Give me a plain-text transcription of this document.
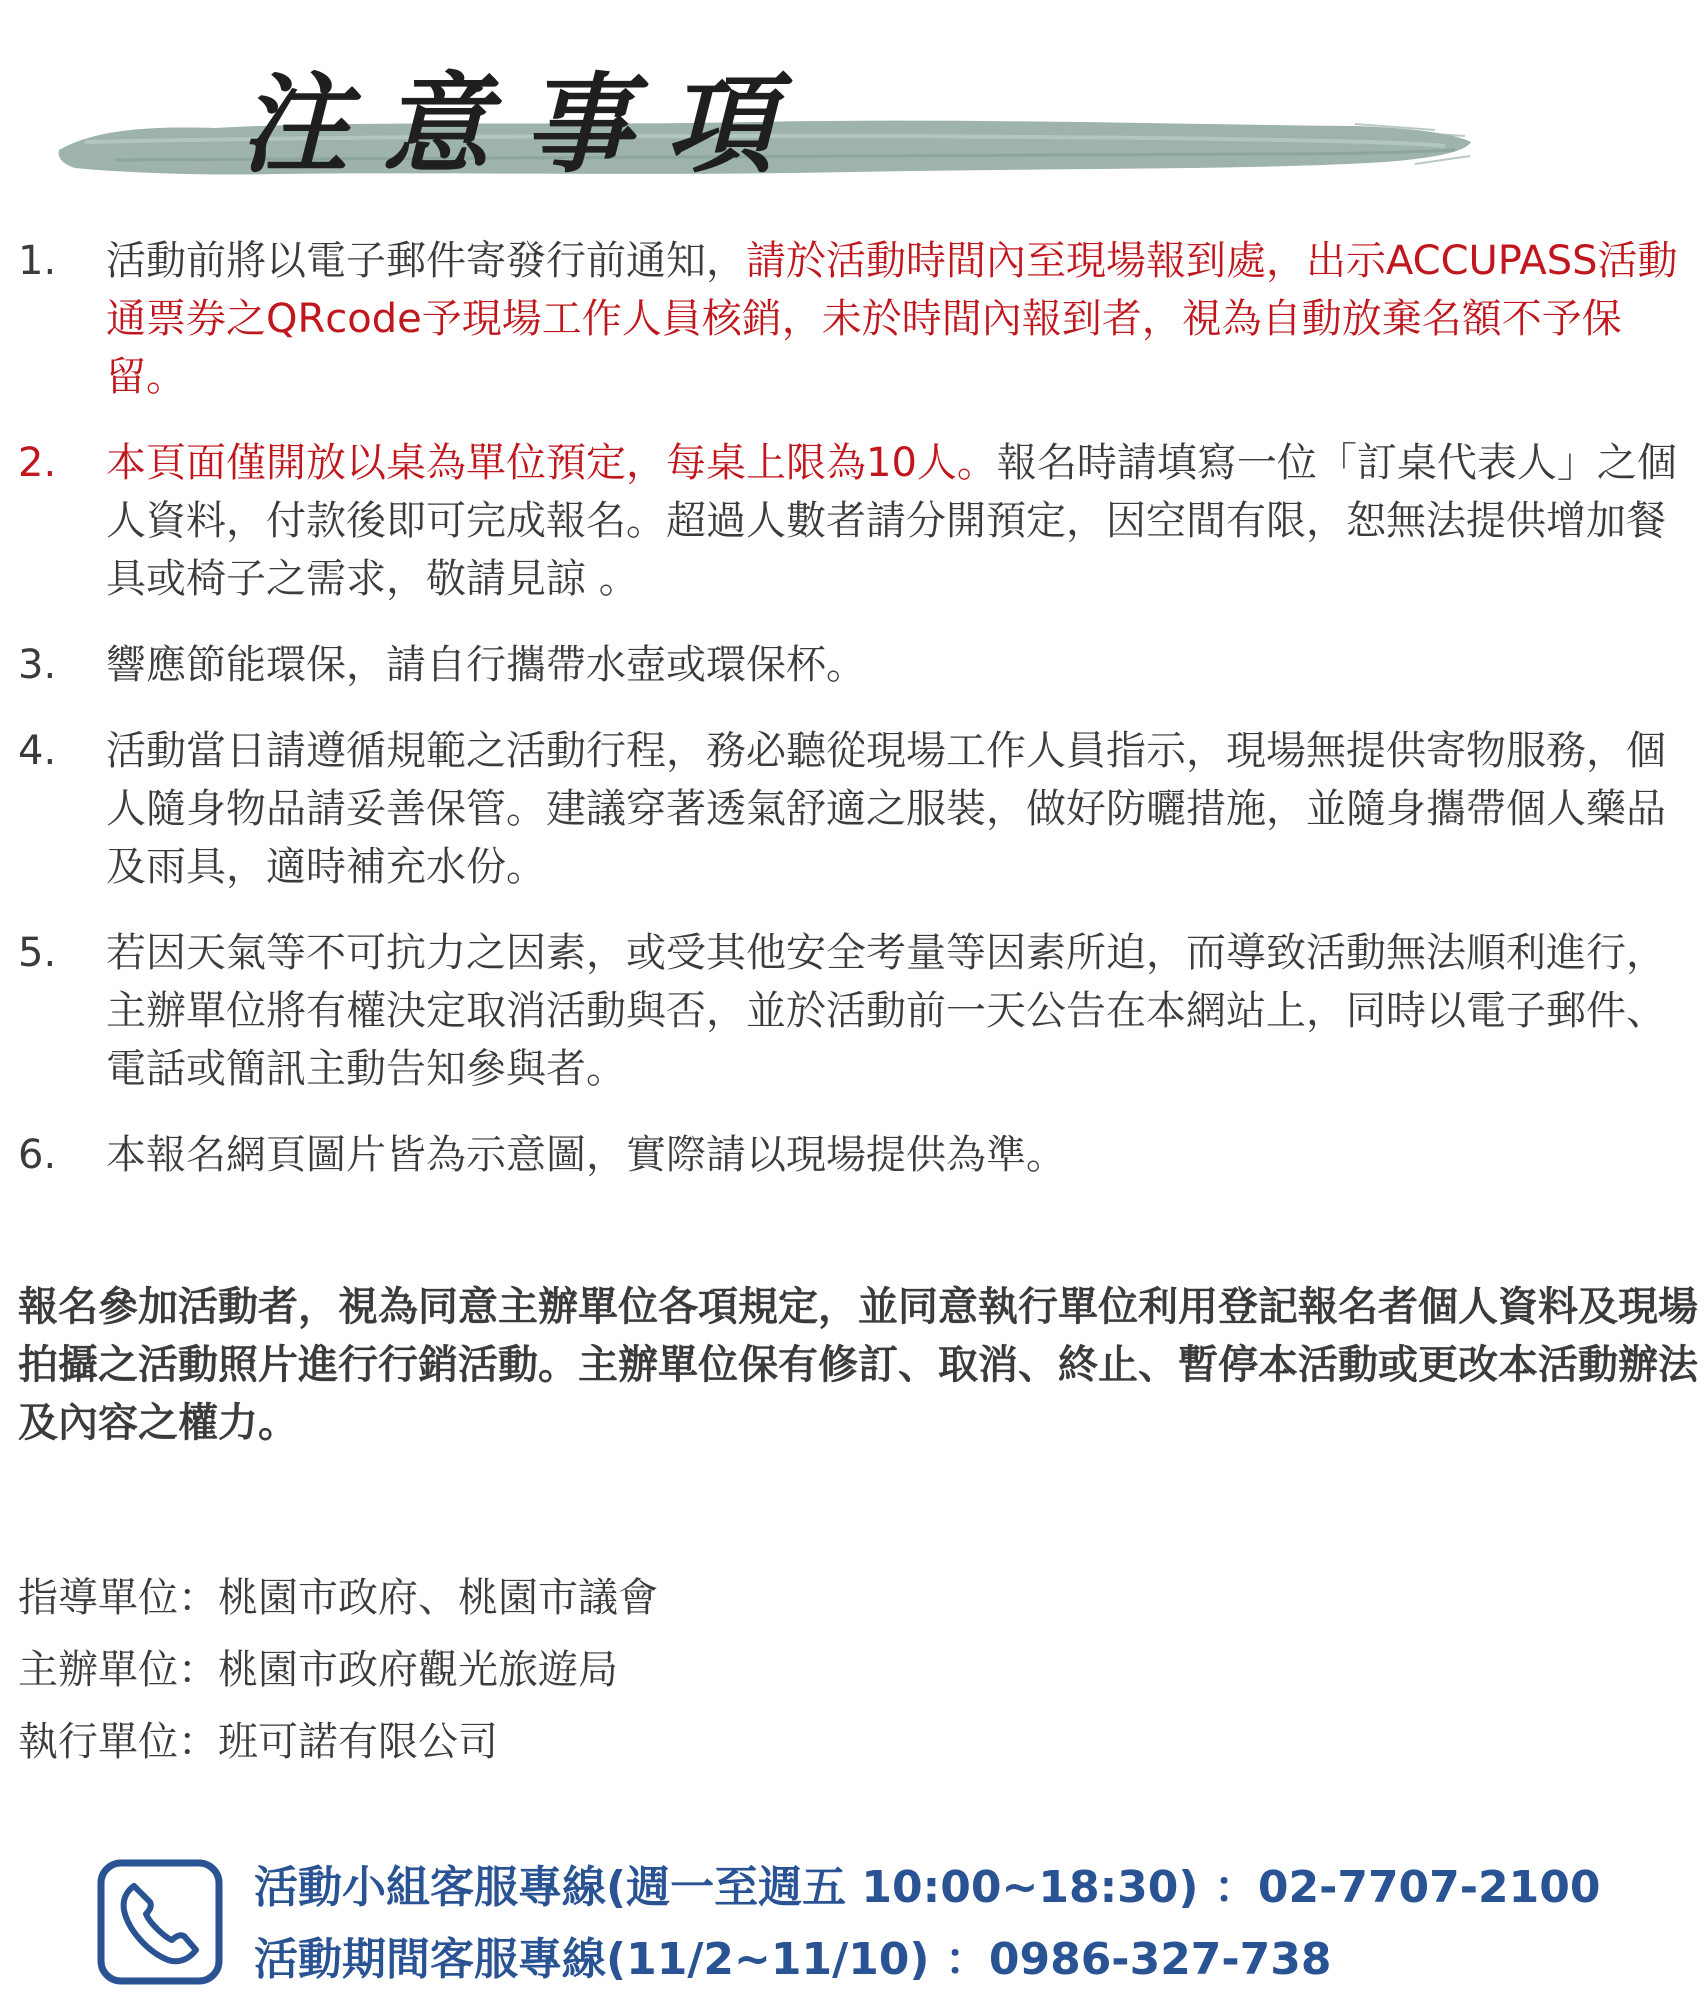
注意事項
1.	活動前將以電子郵件寄發行前通知，請於活動時間內至現場報到處，出示ACCUPASS活動通票券之QRcode予現場工作人員核銷，未於時間內報到者，視為自動放棄名額不予保留。
2.	本頁面僅開放以桌為單位預定，每桌上限為10人。報名時請填寫一位「訂桌代表人」之個人資料，付款後即可完成報名。超過人數者請分開預定，因空間有限，恕無法提供增加餐具或椅子之需求，敬請見諒 。
3.	響應節能環保，請自行攜帶水壺或環保杯。
4.	活動當日請遵循規範之活動行程，務必聽從現場工作人員指示，現場無提供寄物服務，個人隨身物品請妥善保管。建議穿著透氣舒適之服裝，做好防曬措施，並隨身攜帶個人藥品及雨具，適時補充水份。
5.	若因天氣等不可抗力之因素，或受其他安全考量等因素所迫，而導致活動無法順利進行，主辦單位將有權決定取消活動與否，並於活動前一天公告在本網站上，同時以電子郵件、電話或簡訊主動告知參與者。
6.	本報名網頁圖片皆為示意圖，實際請以現場提供為準。
報名參加活動者，視為同意主辦單位各項規定，並同意執行單位利用登記報名者個人資料及現場拍攝之活動照片進行行銷活動。主辦單位保有修訂、取消、終止、暫停本活動或更改本活動辦法及內容之權力。
指導單位：桃園市政府、桃園市議會
主辦單位：桃園市政府觀光旅遊局
執行單位：班可諾有限公司
活動小組客服專線(週一至週五 10:00~18:30) ：02-7707-2100
活動期間客服專線(11/2~11/10) ：0986-327-738
